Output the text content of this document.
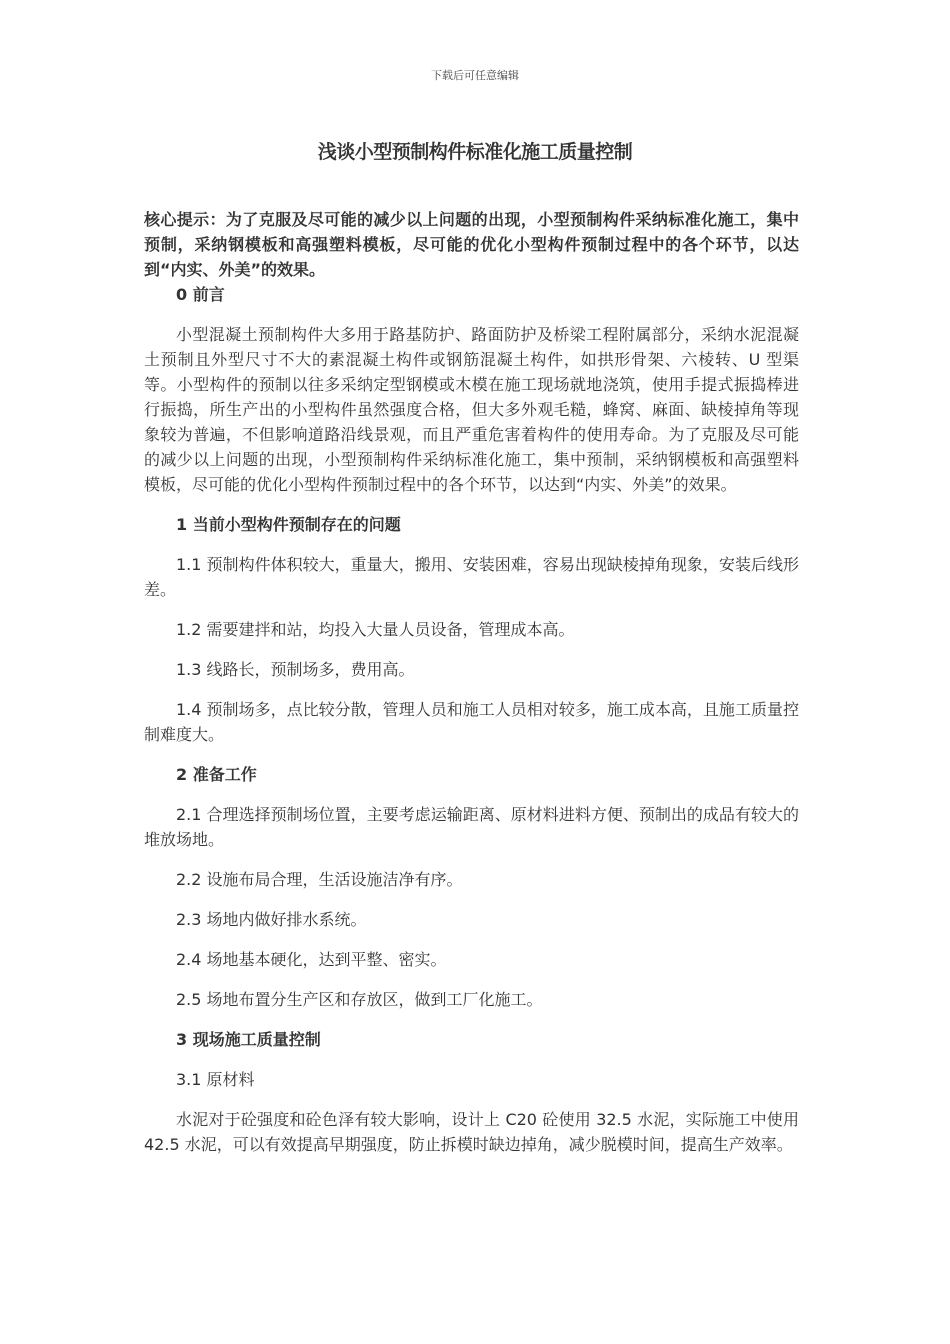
下载后可任意编辑
浅谈小型预制构件标准化施工质量控制

核心提示：为了克服及尽可能的减少以上问题的出现，小型预制构件采纳标准化施工，集中预制，采纳钢模板和高强塑料模板，尽可能的优化小型构件预制过程中的各个环节，以达到“内实、外美”的效果。

0 前言

小型混凝土预制构件大多用于路基防护、路面防护及桥梁工程附属部分，采纳水泥混凝土预制且外型尺寸不大的素混凝土构件或钢筋混凝土构件，如拱形骨架、六棱转、U 型渠等。小型构件的预制以往多采纳定型钢模或木模在施工现场就地浇筑，使用手提式振捣棒进行振捣，所生产出的小型构件虽然强度合格，但大多外观毛糙，蜂窝、麻面、缺棱掉角等现象较为普遍，不但影响道路沿线景观，而且严重危害着构件的使用寿命。为了克服及尽可能的减少以上问题的出现，小型预制构件采纳标准化施工，集中预制，采纳钢模板和高强塑料模板，尽可能的优化小型构件预制过程中的各个环节，以达到“内实、外美”的效果。

1 当前小型构件预制存在的问题

1.1 预制构件体积较大，重量大，搬用、安装困难，容易出现缺棱掉角现象，安装后线形差。

1.2 需要建拌和站，均投入大量人员设备，管理成本高。

1.3 线路长，预制场多，费用高。

1.4 预制场多，点比较分散，管理人员和施工人员相对较多，施工成本高，且施工质量控制难度大。

2 准备工作

2.1 合理选择预制场位置，主要考虑运输距离、原材料进料方便、预制出的成品有较大的堆放场地。

2.2 设施布局合理，生活设施洁净有序。

2.3 场地内做好排水系统。

2.4 场地基本硬化，达到平整、密实。

2.5 场地布置分生产区和存放区，做到工厂化施工。

3 现场施工质量控制

3.1 原材料

水泥对于砼强度和砼色泽有较大影响，设计上 C20 砼使用 32.5 水泥，实际施工中使用 42.5 水泥，可以有效提高早期强度，防止拆模时缺边掉角，减少脱模时间，提高生产效率。
